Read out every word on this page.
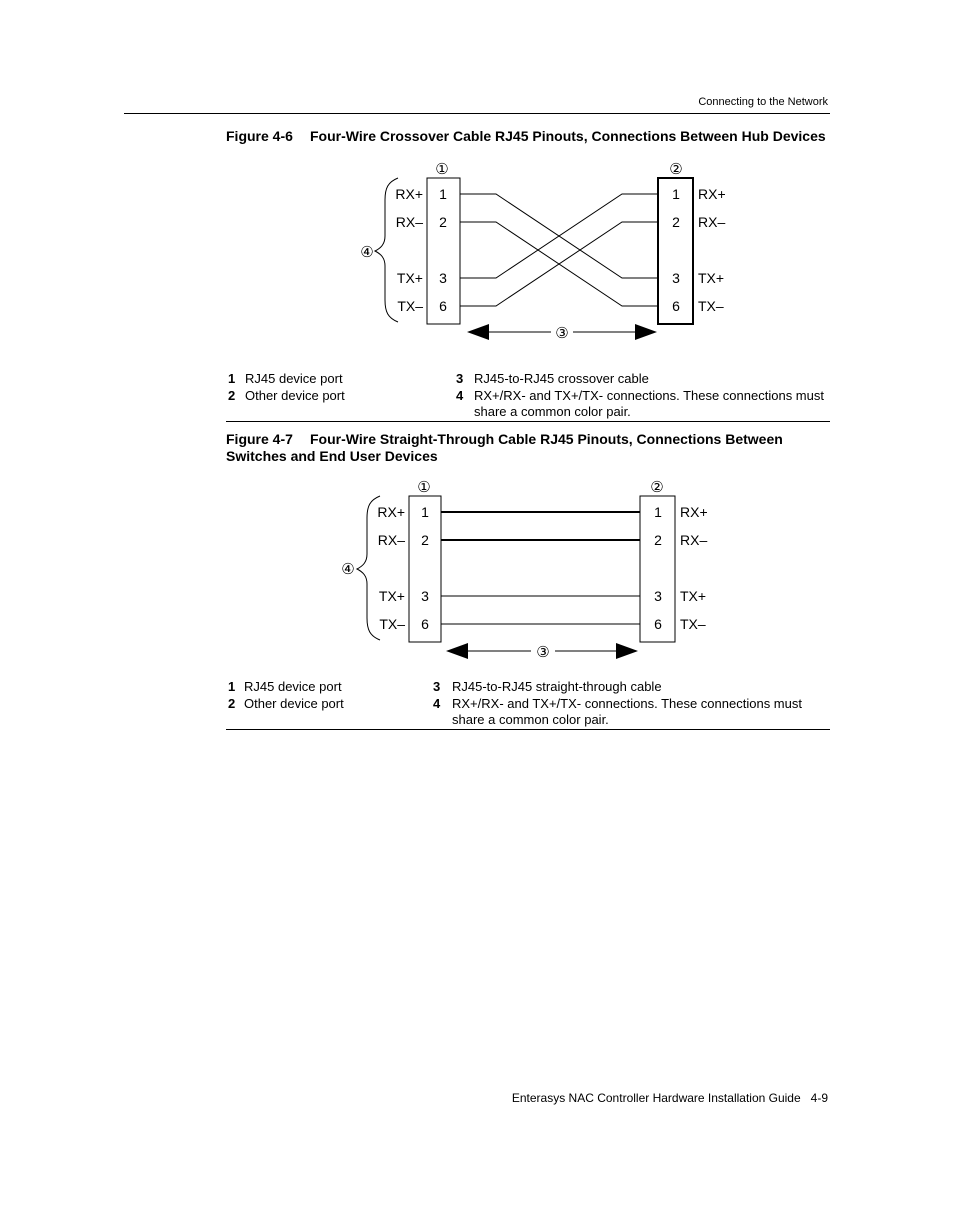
Connecting to the Network
Figure 4-6 Four-Wire Crossover Cable RJ45 Pinouts, Connections Between Hub Devices
①	②
④
RX+
RX–
TX+
TX–
1
2
3
6
1
2
3
6
RX+
RX–
TX+
TX–
③
1 RJ45 device port
2 Other device port
3 RJ45-to-RJ45 crossover cable
4 RX+/RX- and TX+/TX- connections. These connections must share a common color pair.
Figure 4-7 Four-Wire Straight-Through Cable RJ45 Pinouts, Connections Between Switches and End User Devices
①	②
④
RX+
RX–
TX+
TX–
1
2
3
6
1
2
3
6
RX+
RX–
TX+
TX–
③
1 RJ45 device port
2 Other device port
3 RJ45-to-RJ45 straight-through cable
4 RX+/RX- and TX+/TX- connections. These connections must share a common color pair.
Enterasys NAC Controller Hardware Installation Guide 4-9
